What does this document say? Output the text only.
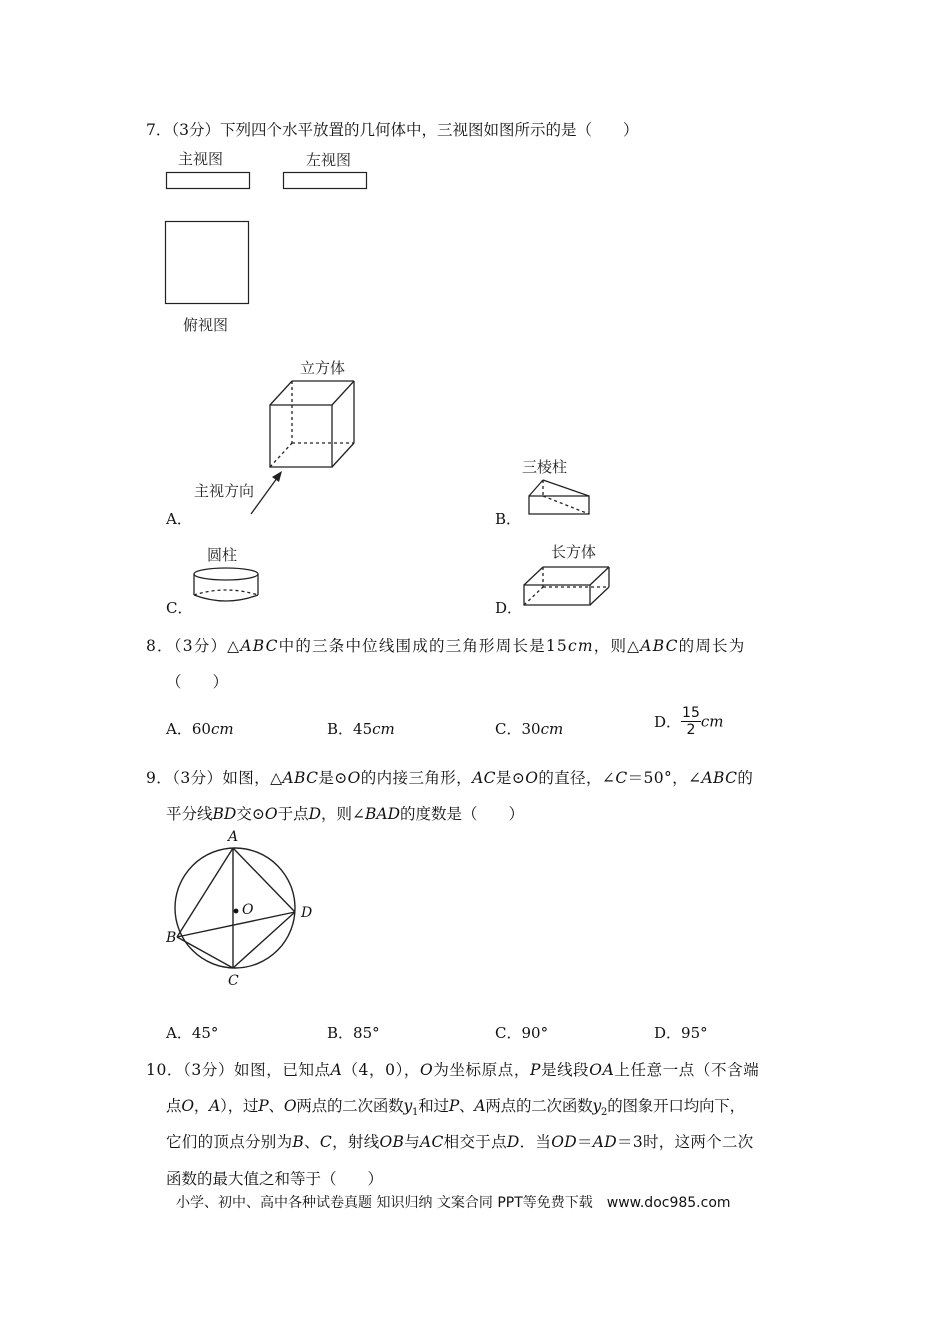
7．（3分）下列四个水平放置的几何体中，三视图如图所示的是（　　）
主视图	左视图
俯视图
立方体
主视方向
A．
三棱柱
B．
圆柱
C．
长方体
D．
8．（3分）△ABC中的三条中位线围成的三角形周长是15cm，则△ABC的周长为
（　　）
A．60cm	B．45cm	C．30cm	D． $\frac{15}{2}$ cm
9．（3分）如图，△ABC是⊙O的内接三角形，AC是⊙O的直径，∠C＝50°，∠ABC的
平分线BD交⊙O于点D，则∠BAD的度数是（　　）
A
B
C
D
O
A．45°	B．85°	C．90°	D．95°
10．（3分）如图，已知点A（4，0），O为坐标原点，P是线段OA上任意一点（不含端
点O，A），过P、O两点的二次函数$y_1$和过P、A两点的二次函数$y_2$的图象开口均向下，
它们的顶点分别为B、C，射线OB与AC相交于点D．当OD＝AD＝3时，这两个二次
函数的最大值之和等于（　　）
小学、初中、高中各种试卷真题 知识归纳 文案合同 PPT等免费下载　www.doc985.com
